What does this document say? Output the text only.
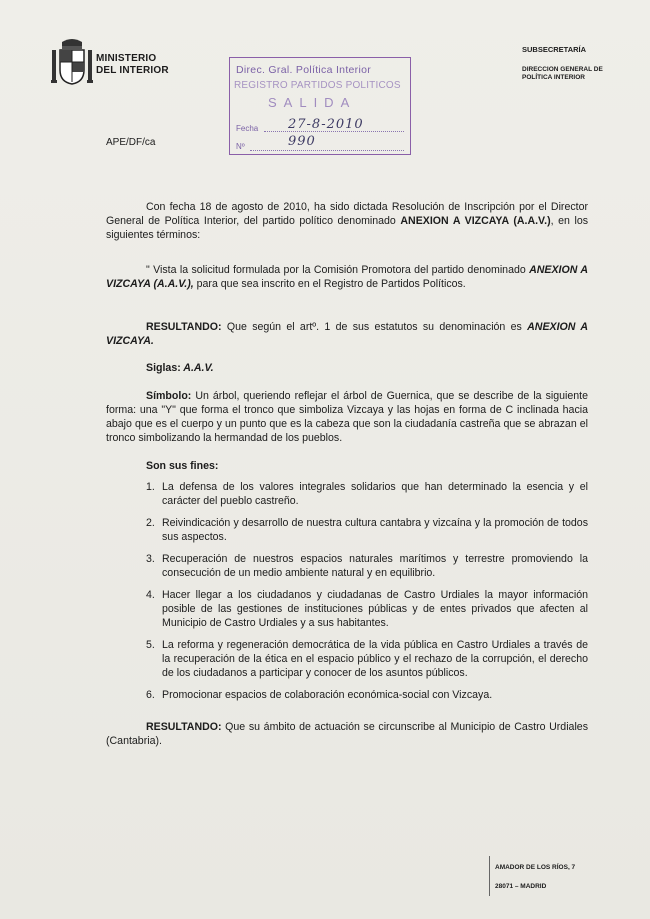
MINISTERIO
DEL INTERIOR
SUBSECRETARÍA
DIRECCION GENERAL DE
POLÍTICA INTERIOR
Direc. Gral. Política Interior
REGISTRO PARTIDOS POLITICOS
SALIDA
Fecha 27-8-2010
Nº	990
APE/DF/ca
Con fecha 18 de agosto de 2010, ha sido dictada Resolución de Inscripción por el Director General de Política Interior, del partido político denominado ANEXION A VIZCAYA (A.A.V.), en los siguientes términos:
" Vista la solicitud formulada por la Comisión Promotora del partido denominado ANEXION A VIZCAYA (A.A.V.), para que sea inscrito en el Registro de Partidos Políticos.
RESULTANDO: Que según el artº. 1 de sus estatutos su denominación es ANEXION A VIZCAYA.
Siglas: A.A.V.
Símbolo: Un árbol, queriendo reflejar el árbol de Guernica, que se describe de la siguiente forma: una "Y" que forma el tronco que simboliza Vizcaya y las hojas en forma de C inclinada hacia abajo que es el cuerpo y un punto que es la cabeza que son la ciudadanía castreña que se abrazan el tronco simbolizando la hermandad de los pueblos.
Son sus fines:
1. La defensa de los valores integrales solidarios que han determinado la esencia y el carácter del pueblo castreño.
2. Reivindicación y desarrollo de nuestra cultura cantabra y vizcaína y la promoción de todos sus aspectos.
3. Recuperación de nuestros espacios naturales marítimos y terrestre promoviendo la consecución de un medio ambiente natural y en equilibrio.
4. Hacer llegar a los ciudadanos y ciudadanas de Castro Urdiales la mayor información posible de las gestiones de instituciones públicas y de entes privados que afecten al Municipio de Castro Urdiales y a sus habitantes.
5. La reforma y regeneración democrática de la vida pública en Castro Urdiales a través de la recuperación de la ética en el espacio público y el rechazo de la corrupción, el derecho de los ciudadanos a participar y conocer de los asuntos públicos.
6. Promocionar espacios de colaboración económica-social con Vizcaya.
RESULTANDO: Que su ámbito de actuación se circunscribe al Municipio de Castro Urdiales (Cantabria).
AMADOR DE LOS RÍOS, 7
28071 – MADRID
